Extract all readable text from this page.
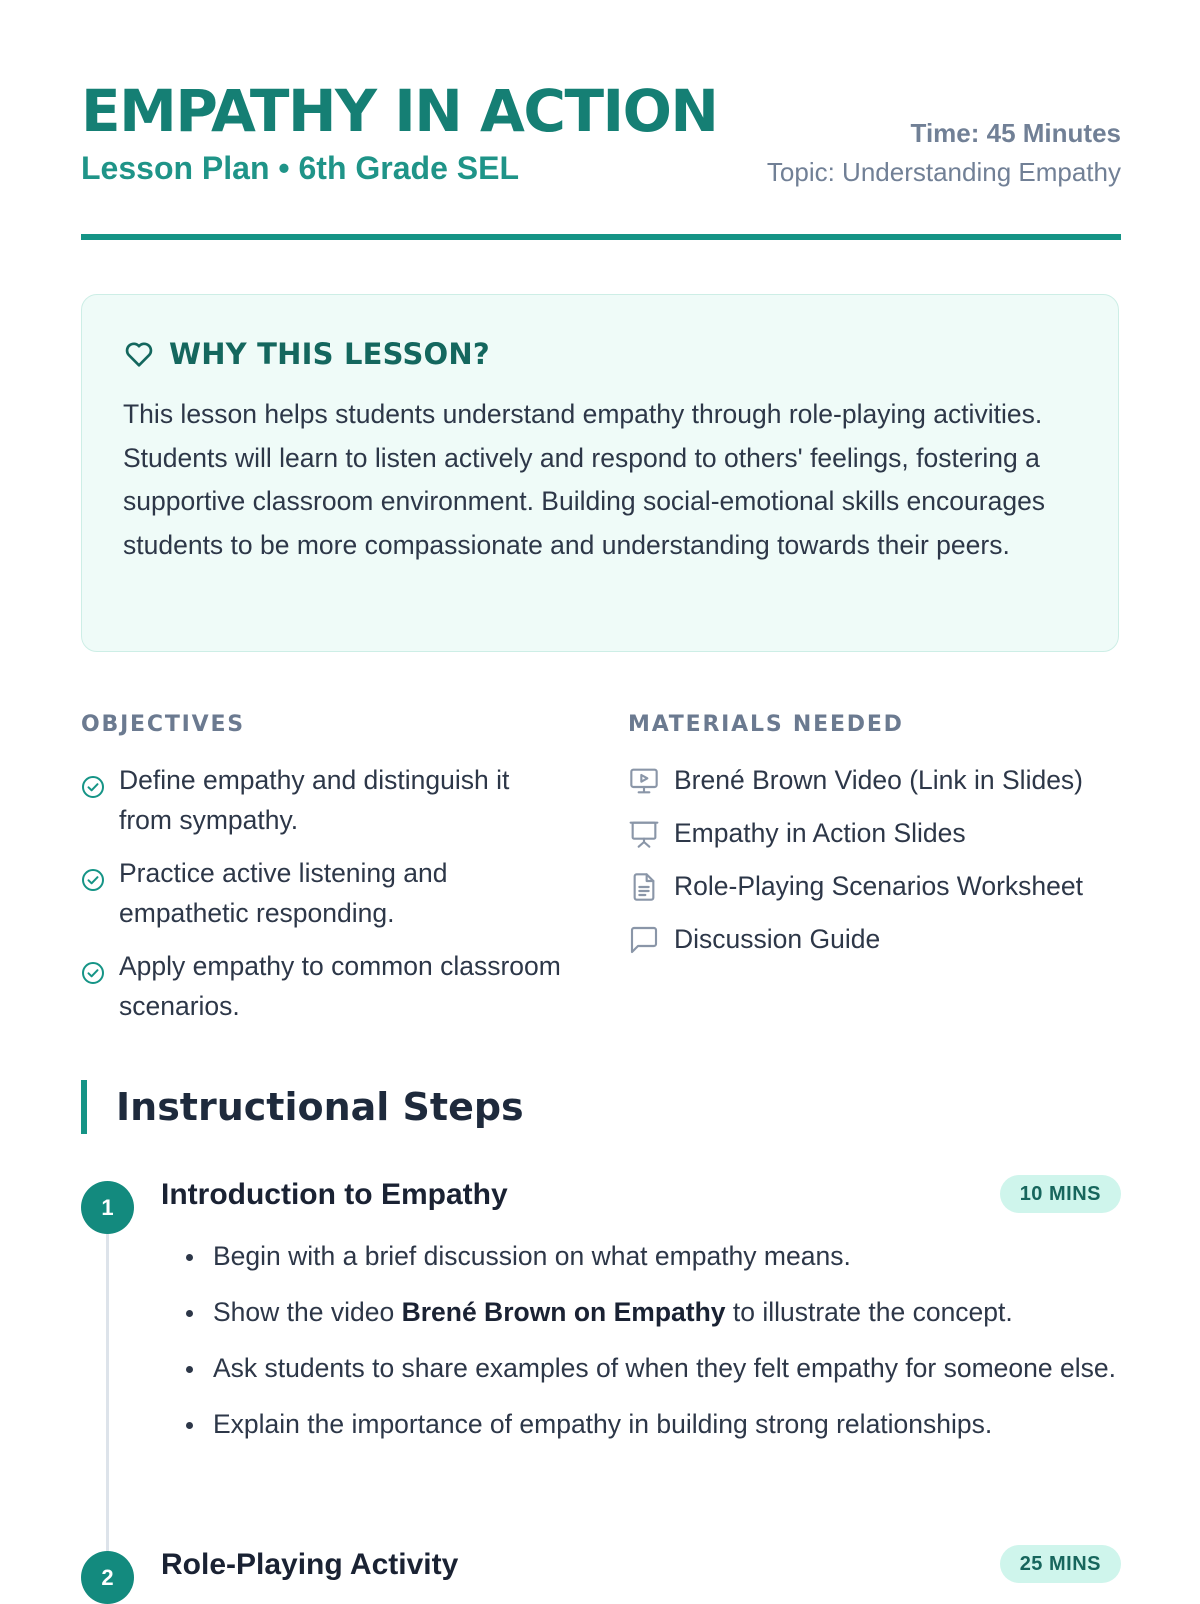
EMPATHY IN ACTION
Lesson Plan • 6th Grade SEL
Time: 45 Minutes
Topic: Understanding Empathy
WHY THIS LESSON?

This lesson helps students understand empathy through role-playing activities. Students will learn to listen actively and respond to others' feelings, fostering a supportive classroom environment. Building social-emotional skills encourages students to be more compassionate and understanding towards their peers.

OBJECTIVES
Define empathy and distinguish it from sympathy.
Practice active listening and empathetic responding.
Apply empathy to common classroom scenarios.
MATERIALS NEEDED
Brené Brown Video (Link in Slides)
Empathy in Action Slides
Role-Playing Scenarios Worksheet
Discussion Guide
Instructional Steps
1	Introduction to Empathy	10 MINS
Begin with a brief discussion on what empathy means.
Show the video Brené Brown on Empathy to illustrate the concept.
Ask students to share examples of when they felt empathy for someone else.
Explain the importance of empathy in building strong relationships.
2	Role-Playing Activity	25 MINS
